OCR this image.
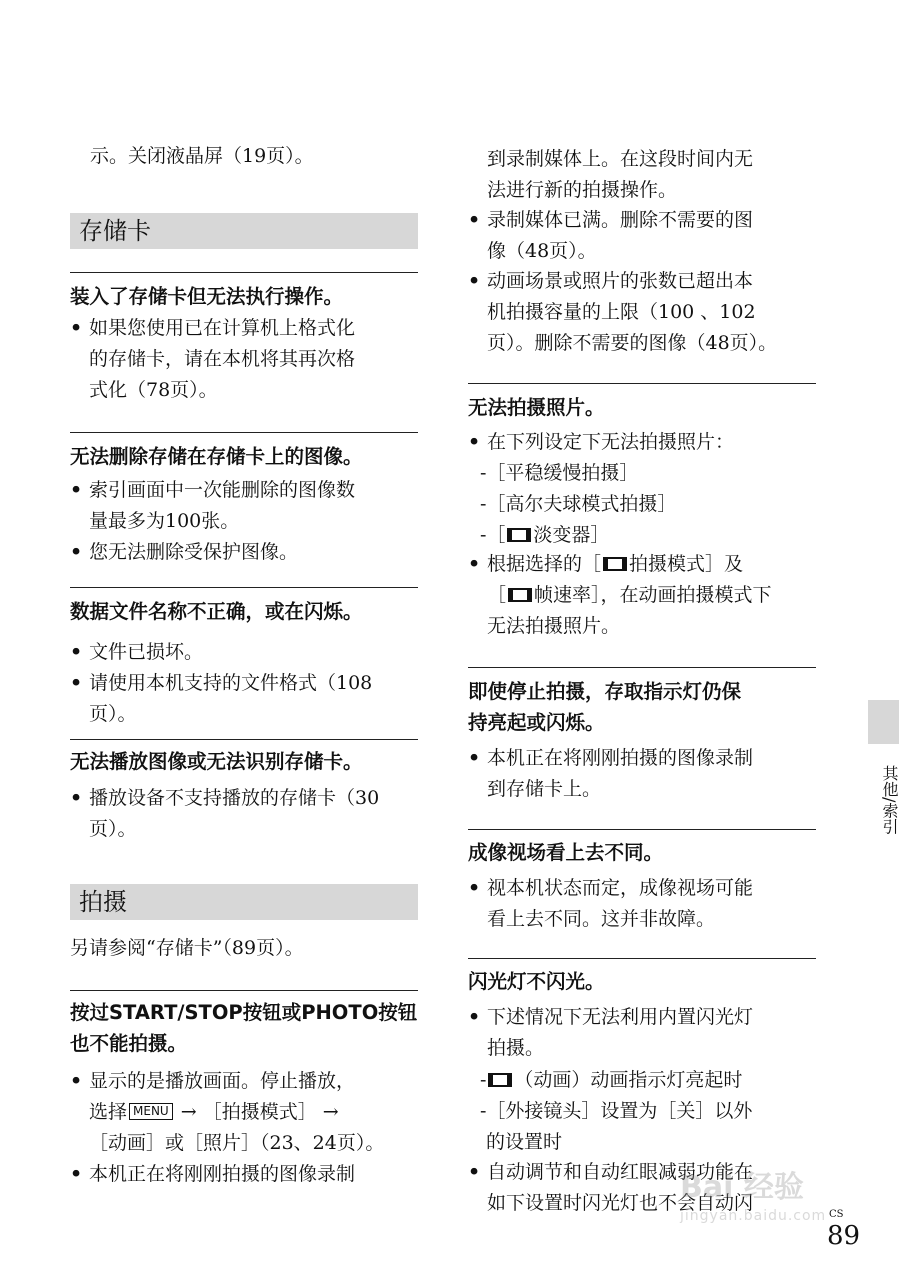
示。关闭液晶屏（19页）。
存储卡
装入了存储卡但无法执行操作。
• 如果您使用已在计算机上格式化
的存储卡，请在本机将其再次格
式化（78页）。
无法删除存储在存储卡上的图像。
• 索引画面中一次能删除的图像数
量最多为100张。
• 您无法删除受保护图像。
数据文件名称不正确，或在闪烁。
• 文件已损坏。
• 请使用本机支持的文件格式（108
页）。
无法播放图像或无法识别存储卡。
• 播放设备不支持播放的存储卡（30
页）。
拍摄
另请参阅“存储卡”（89页）。
按过START/STOP按钮或PHOTO按钮
也不能拍摄。
• 显示的是播放画面。停止播放，
选择 MENU → ［拍摄模式］ →
［动画］或［照片］（23、24页）。
• 本机正在将刚刚拍摄的图像录制
到录制媒体上。在这段时间内无
法进行新的拍摄操作。
• 录制媒体已满。删除不需要的图
像（48页）。
• 动画场景或照片的张数已超出本
机拍摄容量的上限（100 、102
页）。删除不需要的图像（48页）。
无法拍摄照片。
• 在下列设定下无法拍摄照片：
-［平稳缓慢拍摄］
-［高尔夫球模式拍摄］
-［ 淡变器］
• 根据选择的［ 拍摄模式］及
［ 帧速率］，在动画拍摄模式下
无法拍摄照片。
即使停止拍摄，存取指示灯仍保
持亮起或闪烁。
• 本机正在将刚刚拍摄的图像录制
到存储卡上。
成像视场看上去不同。
• 视本机状态而定，成像视场可能
看上去不同。这并非故障。
闪光灯不闪光。
• 下述情况下无法利用内置闪光灯
拍摄。
- （动画）动画指示灯亮起时
-［外接镜头］设置为［关］以外
的设置时
• 自动调节和自动红眼减弱功能在
如下设置时闪光灯也不会自动闪
其他/索引
CS
89
Bai 经验
jingyan.baidu.com
